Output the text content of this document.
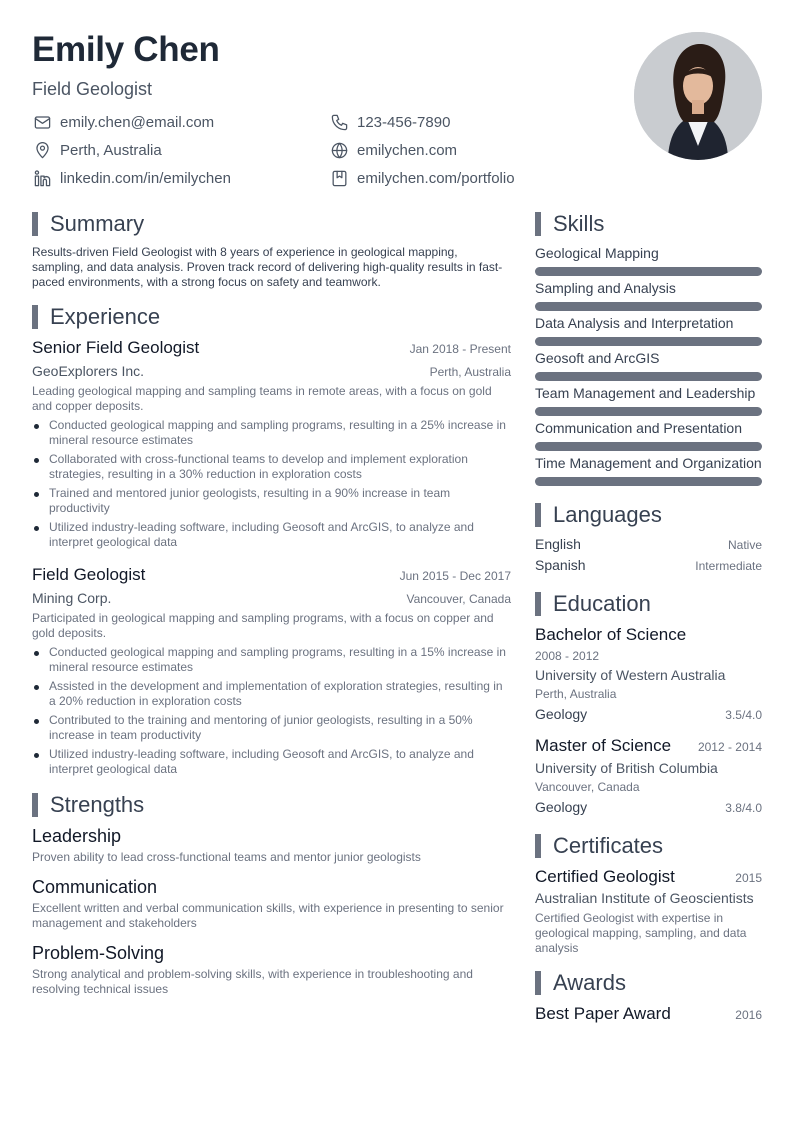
Emily Chen
Field Geologist
emily.chen@email.com	123-456-7890
Perth, Australia	emilychen.com
linkedin.com/in/emilychen	emilychen.com/portfolio
Summary
Results-driven Field Geologist with 8 years of experience in geological mapping, sampling, and data analysis. Proven track record of delivering high-quality results in fast-paced environments, with a strong focus on safety and teamwork.
Experience
Senior Field Geologist	Jan 2018 - Present
GeoExplorers Inc.	Perth, Australia
Leading geological mapping and sampling teams in remote areas, with a focus on gold and copper deposits.
Conducted geological mapping and sampling programs, resulting in a 25% increase in mineral resource estimates
Collaborated with cross-functional teams to develop and implement exploration strategies, resulting in a 30% reduction in exploration costs
Trained and mentored junior geologists, resulting in a 90% increase in team productivity
Utilized industry-leading software, including Geosoft and ArcGIS, to analyze and interpret geological data
Field Geologist	Jun 2015 - Dec 2017
Mining Corp.	Vancouver, Canada
Participated in geological mapping and sampling programs, with a focus on copper and gold deposits.
Conducted geological mapping and sampling programs, resulting in a 15% increase in mineral resource estimates
Assisted in the development and implementation of exploration strategies, resulting in a 20% reduction in exploration costs
Contributed to the training and mentoring of junior geologists, resulting in a 50% increase in team productivity
Utilized industry-leading software, including Geosoft and ArcGIS, to analyze and interpret geological data
Strengths
Leadership
Proven ability to lead cross-functional teams and mentor junior geologists
Communication
Excellent written and verbal communication skills, with experience in presenting to senior management and stakeholders
Problem-Solving
Strong analytical and problem-solving skills, with experience in troubleshooting and resolving technical issues
Skills
Geological Mapping
Sampling and Analysis
Data Analysis and Interpretation
Geosoft and ArcGIS
Team Management and Leadership
Communication and Presentation
Time Management and Organization
Languages
English	Native
Spanish	Intermediate
Education
Bachelor of Science
2008 - 2012
University of Western Australia
Perth, Australia
Geology	3.5/4.0
Master of Science 2012 - 2014
University of British Columbia
Vancouver, Canada
Geology	3.8/4.0
Certificates
Certified Geologist	2015
Australian Institute of Geoscientists
Certified Geologist with expertise in geological mapping, sampling, and data analysis
Awards
Best Paper Award	2016
